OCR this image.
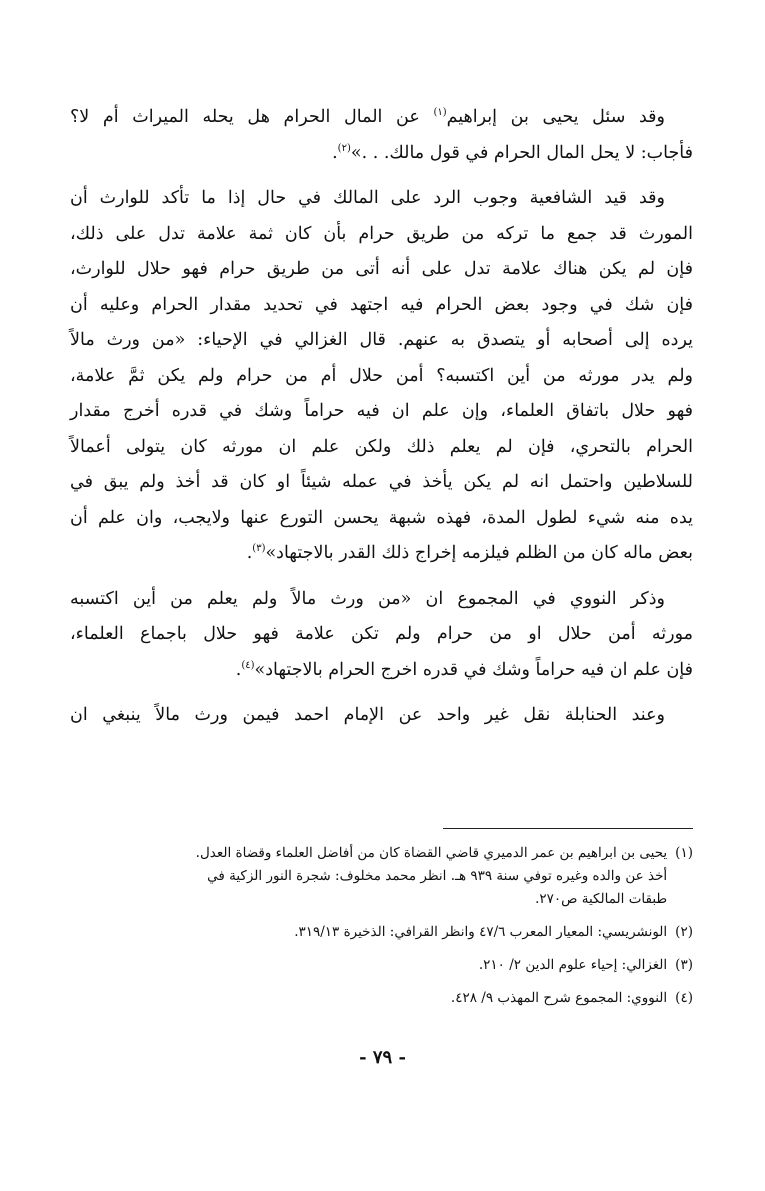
وقد سئل يحيى بن إبراهيم$^{(١)}$ عن المال الحرام هل يحله الميراث أم لا؟
فأجاب: لا يحل المال الحرام في قول مالك. . .»$^{(٢)}$.

وقد قيد الشافعية وجوب الرد على المالك في حال إذا ما تأكد للوارث أن
المورث قد جمع ما تركه من طريق حرام بأن كان ثمة علامة تدل على ذلك،
فإن لم يكن هناك علامة تدل على أنه أتى من طريق حرام فهو حلال للوارث،
فإن شك في وجود بعض الحرام فيه اجتهد في تحديد مقدار الحرام وعليه أن
يرده إلى أصحابه أو يتصدق به عنهم. قال الغزالي في الإحياء: «من ورث مالاً
ولم يدر مورثه من أين اكتسبه؟ أمن حلال أم من حرام ولم يكن ثمَّ علامة،
فهو حلال باتفاق العلماء، وإن علم ان فيه حراماً وشك في قدره أخرج مقدار
الحرام بالتحري، فإن لم يعلم ذلك ولكن علم ان مورثه كان يتولى أعمالاً
للسلاطين واحتمل انه لم يكن يأخذ في عمله شيئاً او كان قد أخذ ولم يبق في
يده منه شيء لطول المدة، فهذه شبهة يحسن التورع عنها ولايجب، وان علم أن
بعض ماله كان من الظلم فيلزمه إخراج ذلك القدر بالاجتهاد»$^{(٣)}$.

وذكر النووي في المجموع ان «من ورث مالاً ولم يعلم من أين اكتسبه
مورثه أمن حلال او من حرام ولم تكن علامة فهو حلال باجماع العلماء،
فإن علم ان فيه حراماً وشك في قدره اخرج الحرام بالاجتهاد»$^{(٤)}$.

وعند الحنابلة نقل غير واحد عن الإمام احمد فيمن ورث مالاً ينبغي ان

(١)
يحيى بن ابراهيم بن عمر الدميري قاضي القضاة كان من أفاضل العلماء وقضاة العدل.
أخذ عن والده وغيره توفي سنة ٩٣٩ هـ. انظر محمد مخلوف: شجرة النور الزكية في
طبقات المالكية ص٢٧٠.
(٢)
الونشريسي: المعيار المعرب ٤٧/٦ وانظر القرافي: الذخيرة ٣١٩/١٣.
(٣)
الغزالي: إحياء علوم الدين ٢/ ٢١٠.
(٤)
النووي: المجموع شرح المهذب ٩/ ٤٢٨.
- ٧٩ -
